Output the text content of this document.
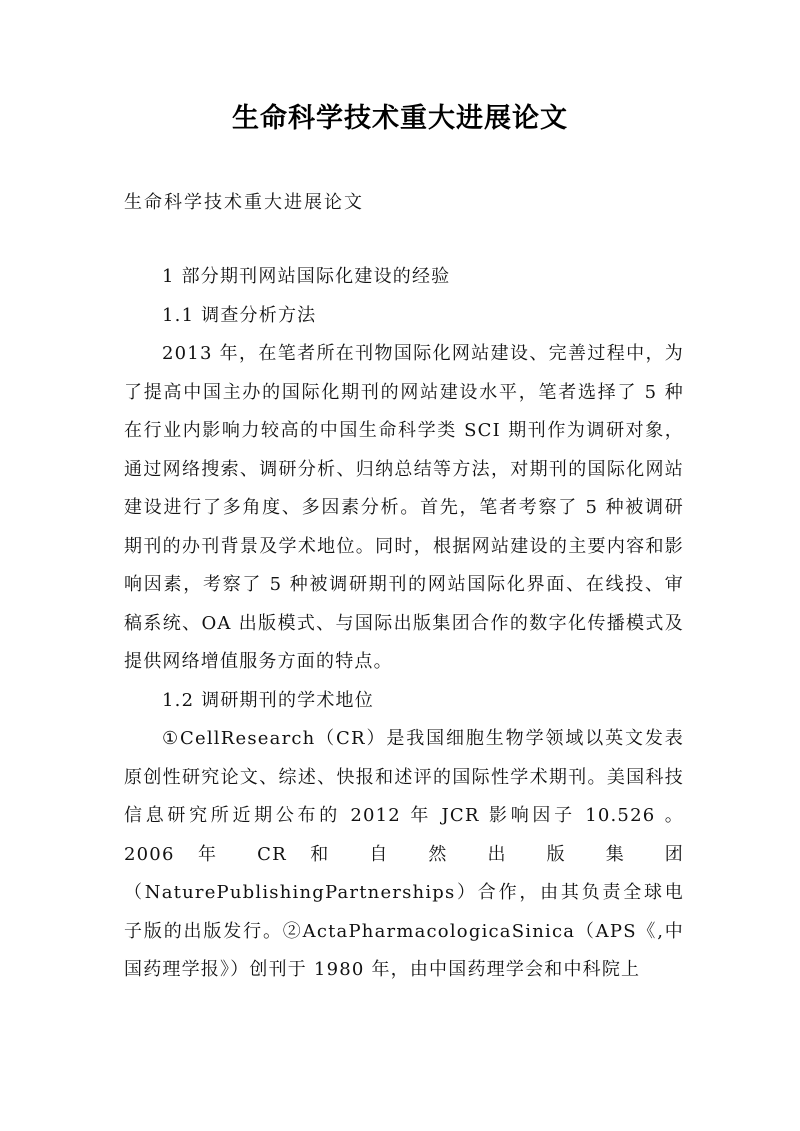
生命科学技术重大进展论文
生命科学技术重大进展论文

1 部分期刊网站国际化建设的经验

1.1 调查分析方法

2013 年，在笔者所在刊物国际化网站建设、完善过程中，为了提高中国主办的国际化期刊的网站建设水平，笔者选择了 5 种在行业内影响力较高的中国生命科学类 SCI 期刊作为调研对象，通过网络搜索、调研分析、归纳总结等方法，对期刊的国际化网站建设进行了多角度、多因素分析。首先，笔者考察了 5 种被调研期刊的办刊背景及学术地位。同时，根据网站建设的主要内容和影响因素，考察了 5 种被调研期刊的网站国际化界面、在线投、审稿系统、OA 出版模式、与国际出版集团合作的数字化传播模式及提供网络增值服务方面的特点。

1.2 调研期刊的学术地位

①CellResearch（CR）是我国细胞生物学领域以英文发表原创性研究论文、综述、快报和述评的国际性学术期刊。美国科技信息研究所近期公布的 2012 年 JCR 影响因子 10.526 。 2006 年 CR 和 自 然 出 版 集 团（NaturePublishingPartnerships）合作，由其负责全球电子版的出版发行。②ActaPharmacologicaSinica（APS《,中国药理学报》）创刊于 1980 年，由中国药理学会和中科院上
